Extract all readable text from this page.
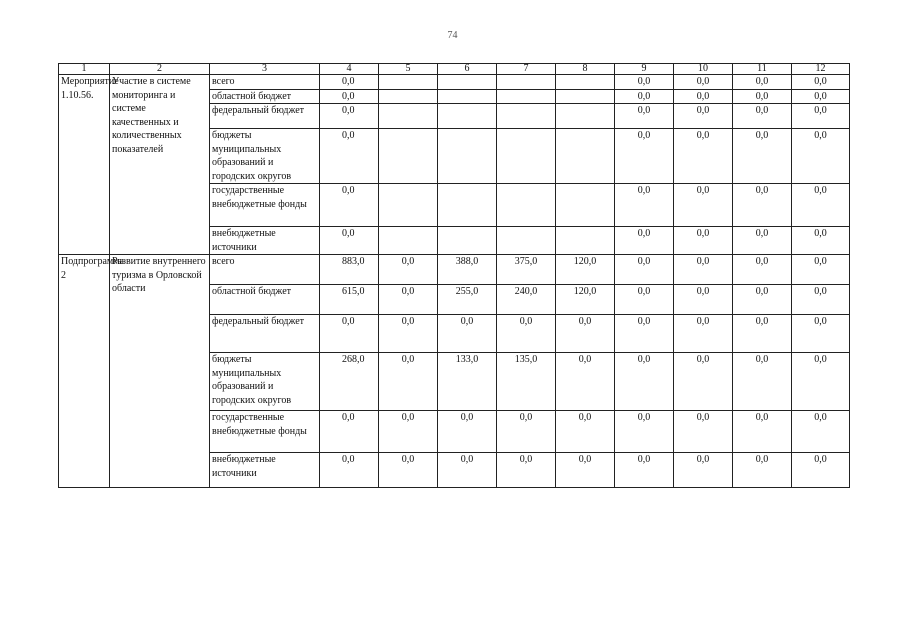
74
1	2	3	4	5	6	7	8	9	10	11	12
Мероприятие 1.10.56.	Участие в системе мониторинга и системе качественных и количественных показателей	всего	0,0					0,0	0,0	0,0	0,0
		областной бюджет	0,0					0,0	0,0	0,0	0,0
		федеральный бюджет	0,0					0,0	0,0	0,0	0,0
		бюджеты муниципальных образований и городских округов	0,0					0,0	0,0	0,0	0,0
		государственные внебюджетные фонды	0,0					0,0	0,0	0,0	0,0
		внебюджетные источники	0,0					0,0	0,0	0,0	0,0
Подпрограмма 2	Развитие внутреннего туризма в Орловской области	всего	883,0	0,0	388,0	375,0	120,0	0,0	0,0	0,0	0,0
		областной бюджет	615,0	0,0	255,0	240,0	120,0	0,0	0,0	0,0	0,0
		федеральный бюджет	0,0	0,0	0,0	0,0	0,0	0,0	0,0	0,0	0,0
		бюджеты муниципальных образований и городских округов	268,0	0,0	133,0	135,0	0,0	0,0	0,0	0,0	0,0
		государственные внебюджетные фонды	0,0	0,0	0,0	0,0	0,0	0,0	0,0	0,0	0,0
		внебюджетные источники	0,0	0,0	0,0	0,0	0,0	0,0	0,0	0,0	0,0
